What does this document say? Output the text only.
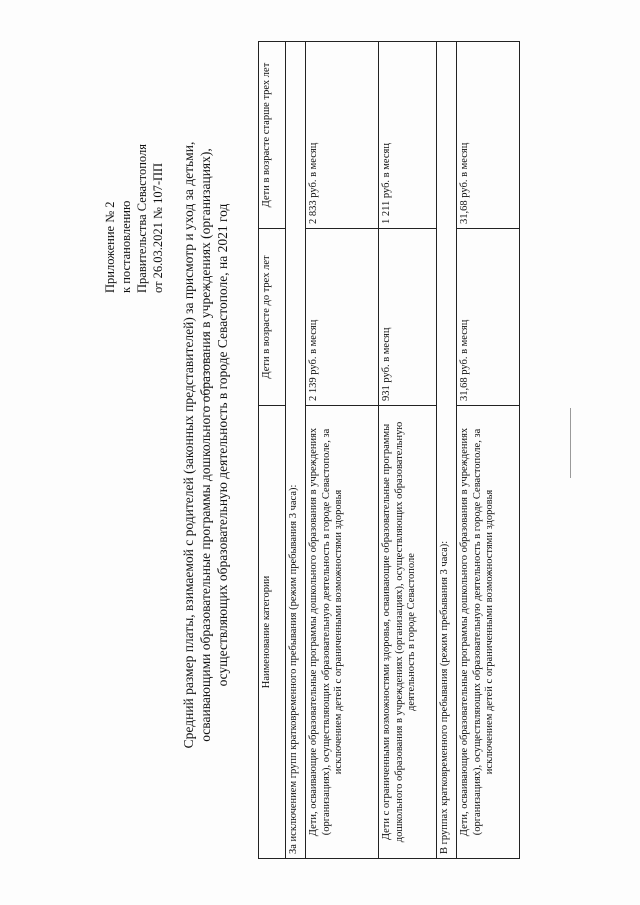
Приложение № 2 к постановлению Правительства Севастополя от 26.03.2021 № 107-ПП Средний размер платы, взимаемой с родителей (законных представителей) за присмотр и уход за детьми, осваивающими образовательные программы дошкольного образования в учреждениях (организациях), осуществляющих образовательную деятельность в городе Севастополе, на 2021 год	Наименование категории	Дети в возрасте до трех лет	Дети в возрасте старше трех лет
За исключением групп кратковременного пребывания (режим пребывания 3 часа):		
Дети, осваивающие образовательные программы дошкольного образования в учреждениях (организациях), осуществляющих образовательную деятельность в городе Севастополе, за исключением детей с ограниченными возможностями здоровья	2 139 руб. в месяц	2 833 руб. в месяц
Дети с ограниченными возможностями здоровья, осваивающие образовательные программы дошкольного образования в учреждениях (организациях), осуществляющих образовательную деятельность в городе Севастополе	931 руб. в месяц	1 211 руб. в месяц
В группах кратковременного пребывания (режим пребывания 3 часа):		
Дети, осваивающие образовательные программы дошкольного образования в учреждениях (организациях), осуществляющих образовательную деятельность в городе Севастополе, за исключением детей с ограниченными возможностями здоровья	31,68 руб. в месяц	31,68 руб. в месяц
